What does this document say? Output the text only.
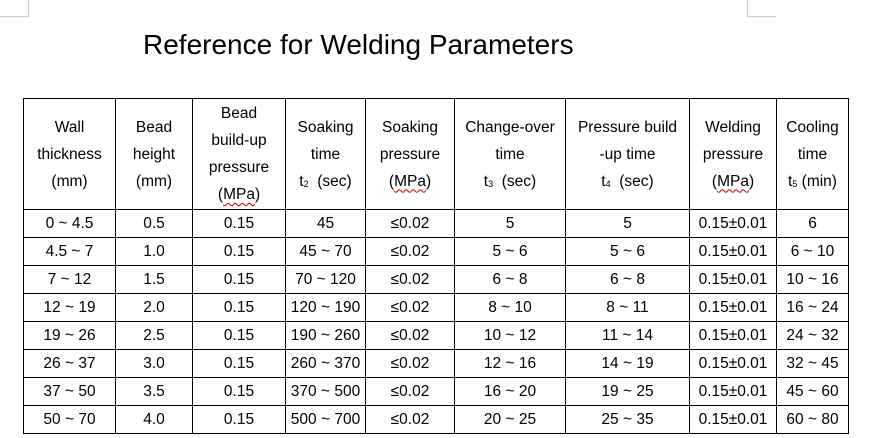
Reference for Welding Parameters
Wall
thickness
(mm)	Bead
height
(mm)	Bead
build-up
pressure
(MPa)	Soaking
time
$t_2$  (sec)	Soaking
pressure
(MPa)	Change-over
time
$t_3$  (sec)	Pressure build
-up time
$t_4$  (sec)	Welding
pressure
(MPa)	Cooling
time
$t_5$ (min)

0 ~ 4.5	0.5	0.15	45	≤0.02	5	5	0.15±0.01	6
4.5 ~ 7	1.0	0.15	45 ~ 70	≤0.02	5 ~ 6	5 ~ 6	0.15±0.01	6 ~ 10
7 ~ 12	1.5	0.15	70 ~ 120	≤0.02	6 ~ 8	6 ~ 8	0.15±0.01	10 ~ 16
12 ~ 19	2.0	0.15	120 ~ 190	≤0.02	8 ~ 10	8 ~ 11	0.15±0.01	16 ~ 24
19 ~ 26	2.5	0.15	190 ~ 260	≤0.02	10 ~ 12	11 ~ 14	0.15±0.01	24 ~ 32
26 ~ 37	3.0	0.15	260 ~ 370	≤0.02	12 ~ 16	14 ~ 19	0.15±0.01	32 ~ 45
37 ~ 50	3.5	0.15	370 ~ 500	≤0.02	16 ~ 20	19 ~ 25	0.15±0.01	45 ~ 60
50 ~ 70	4.0	0.15	500 ~ 700	≤0.02	20 ~ 25	25 ~ 35	0.15±0.01	60 ~ 80
